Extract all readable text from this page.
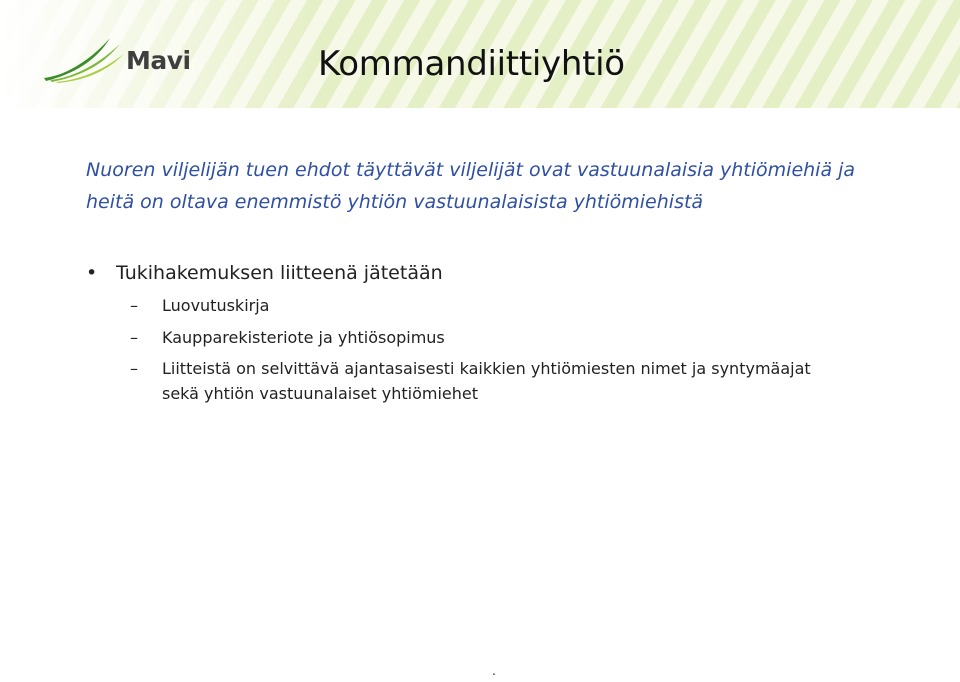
Mavi	Kommandiittiyhtiö

Nuoren viljelijän tuen ehdot täyttävät viljelijät ovat vastuunalaisia yhtiömiehiä ja heitä on oltava enemmistö yhtiön vastuunalaisista yhtiömiehistä

• Tukihakemuksen liitteenä jätetään
– Luovutuskirja
– Kaupparekisteriote ja yhtiösopimus
– Liitteistä on selvittävä ajantasaisesti kaikkien yhtiömiesten nimet ja syntymäajat sekä yhtiön vastuunalaiset yhtiömiehet
.
